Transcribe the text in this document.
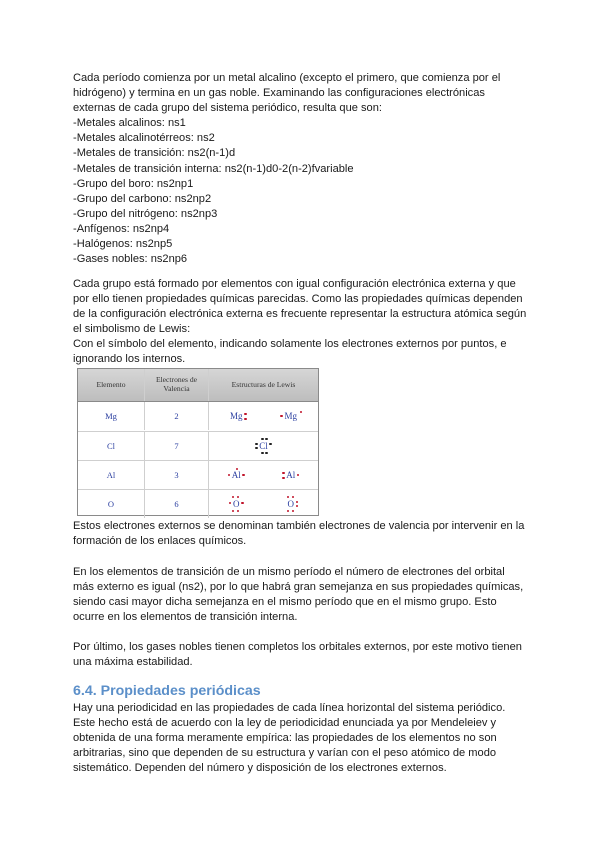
Cada período comienza por un metal alcalino (excepto el primero, que comienza por el

hidrógeno) y termina en un gas noble. Examinando las configuraciones electrónicas

externas de cada grupo del sistema periódico, resulta que son:

-Metales alcalinos: ns1

-Metales alcalinotérreos: ns2

-Metales de transición: ns2(n-1)d

-Metales de transición interna: ns2(n-1)d0-2(n-2)fvariable

-Grupo del boro: ns2np1

-Grupo del carbono: ns2np2

-Grupo del nitrógeno: ns2np3

-Anfígenos: ns2np4

-Halógenos: ns2np5

-Gases nobles: ns2np6

Cada grupo está formado por elementos con igual configuración electrónica externa y que

por ello tienen propiedades químicas parecidas. Como las propiedades químicas dependen

de la configuración electrónica externa es frecuente representar la estructura atómica según

el simbolismo de Lewis:

Con el símbolo del elemento, indicando solamente los electrones externos por puntos, e

ignorando los internos.

Elemento	Electrones de Valencia	Estructuras de Lewis
Mg	2	Mg	Mg
Cl	7	Cl
Al	3	Al	Al
O	6	O	O

Estos electrones externos se denominan también electrones de valencia por intervenir en la

formación de los enlaces químicos.

En los elementos de transición de un mismo período el número de electrones del orbital

más externo es igual (ns2), por lo que habrá gran semejanza en sus propiedades químicas,

siendo casi mayor dicha semejanza en el mismo período que en el mismo grupo. Esto

ocurre en los elementos de transición interna.

Por último, los gases nobles tienen completos los orbitales externos, por este motivo tienen

una máxima estabilidad.

6.4. Propiedades periódicas

Hay una periodicidad en las propiedades de cada línea horizontal del sistema periódico.

Este hecho está de acuerdo con la ley de periodicidad enunciada ya por Mendeleiev y

obtenida de una forma meramente empírica: las propiedades de los elementos no son

arbitrarias, sino que dependen de su estructura y varían con el peso atómico de modo

sistemático. Dependen del número y disposición de los electrones externos.
